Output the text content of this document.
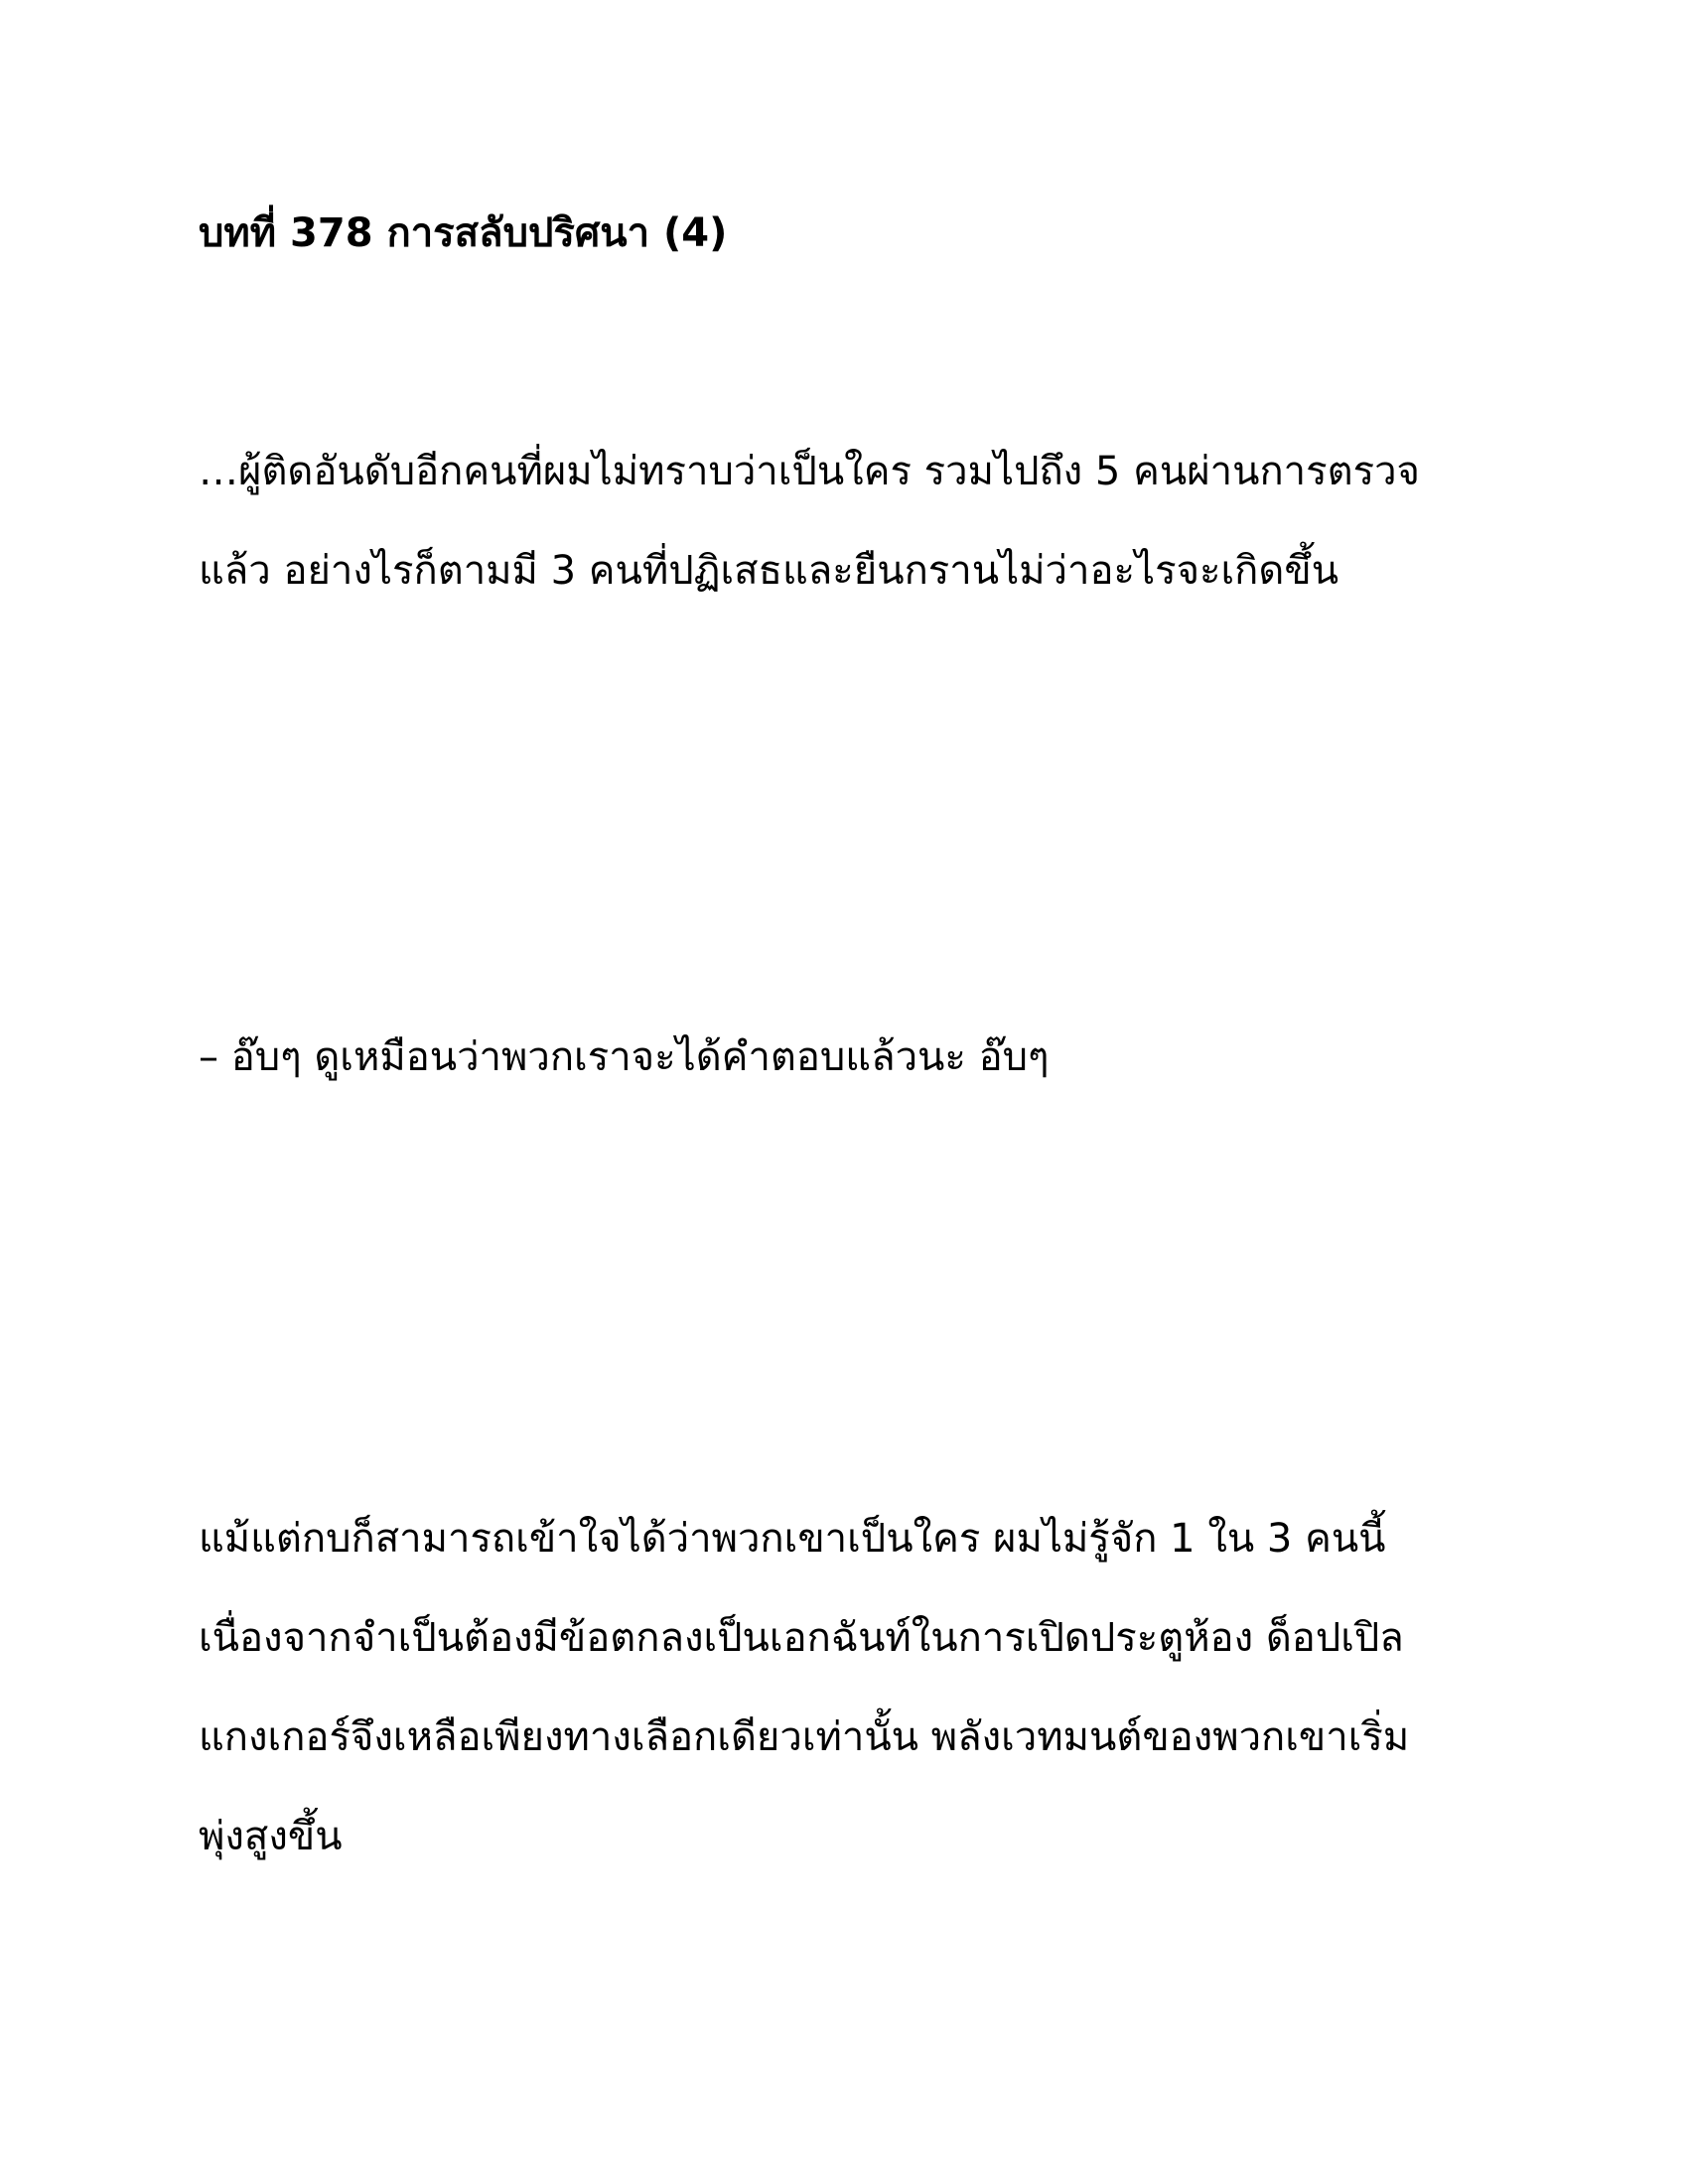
บทที่ 378 การสลับปริศนา (4)
…ผู้ติดอันดับอีกคนที่ผมไม่ทราบว่าเป็นใคร รวมไปถึง 5 คนผ่านการตรวจ
แล้ว อย่างไรก็ตามมี 3 คนที่ปฏิเสธและยืนกรานไม่ว่าอะไรจะเกิดขึ้น
– อ๊บๆ ดูเหมือนว่าพวกเราจะได้คำตอบแล้วนะ อ๊บๆ
แม้แต่กบก็สามารถเข้าใจได้ว่าพวกเขาเป็นใคร ผมไม่รู้จัก 1 ใน 3 คนนี้
เนื่องจากจำเป็นต้องมีข้อตกลงเป็นเอกฉันท์ในการเปิดประตูห้อง ด็อปเปิล
แกงเกอร์จึงเหลือเพียงทางเลือกเดียวเท่านั้น พลังเวทมนต์ของพวกเขาเริ่ม
พุ่งสูงขึ้น
